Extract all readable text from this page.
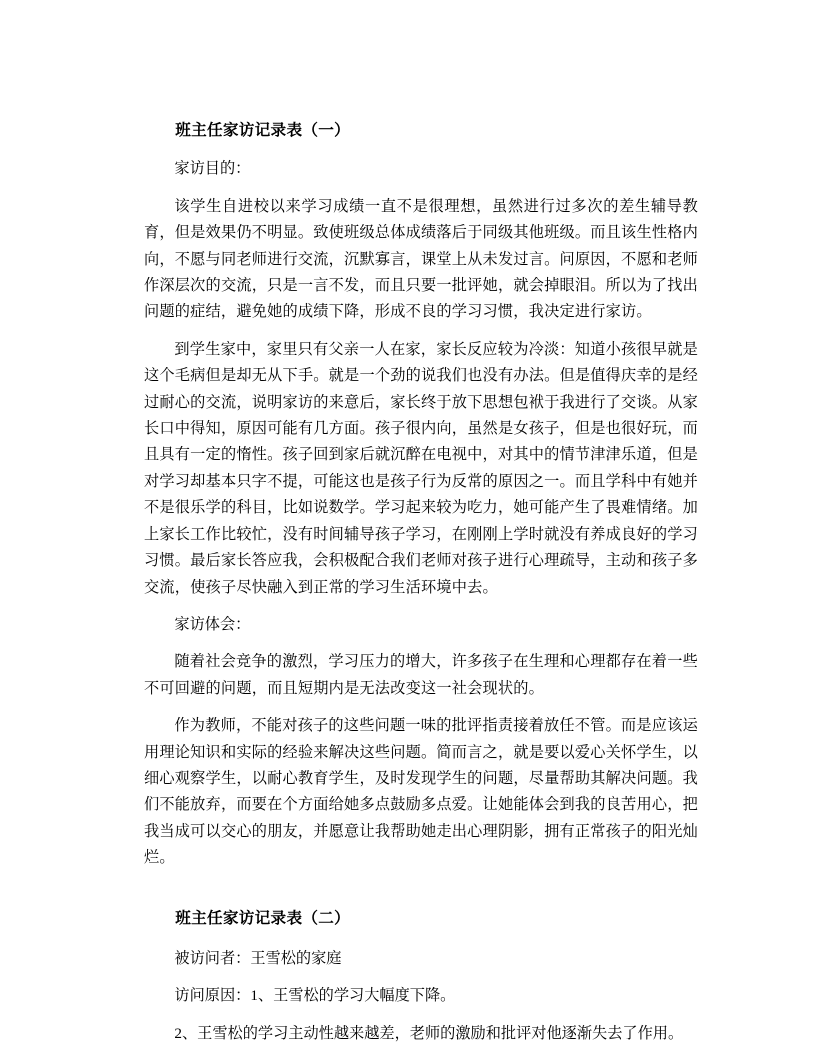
班主任家访记录表（一）

家访目的：

该学生自进校以来学习成绩一直不是很理想，虽然进行过多次的差生辅导教育，但是效果仍不明显。致使班级总体成绩落后于同级其他班级。而且该生性格内向，不愿与同老师进行交流，沉默寡言，课堂上从未发过言。问原因，不愿和老师作深层次的交流，只是一言不发，而且只要一批评她，就会掉眼泪。所以为了找出问题的症结，避免她的成绩下降，形成不良的学习习惯，我决定进行家访。

到学生家中，家里只有父亲一人在家，家长反应较为冷淡：知道小孩很早就是这个毛病但是却无从下手。就是一个劲的说我们也没有办法。但是值得庆幸的是经过耐心的交流，说明家访的来意后，家长终于放下思想包袱于我进行了交谈。从家长口中得知，原因可能有几方面。孩子很内向，虽然是女孩子，但是也很好玩，而且具有一定的惰性。孩子回到家后就沉醉在电视中，对其中的情节津津乐道，但是对学习却基本只字不提，可能这也是孩子行为反常的原因之一。而且学科中有她并不是很乐学的科目，比如说数学。学习起来较为吃力，她可能产生了畏难情绪。加上家长工作比较忙，没有时间辅导孩子学习，在刚刚上学时就没有养成良好的学习习惯。最后家长答应我，会积极配合我们老师对孩子进行心理疏导，主动和孩子多交流，使孩子尽快融入到正常的学习生活环境中去。

家访体会：

随着社会竞争的激烈，学习压力的增大，许多孩子在生理和心理都存在着一些不可回避的问题，而且短期内是无法改变这一社会现状的。

作为教师，不能对孩子的这些问题一味的批评指责接着放任不管。而是应该运用理论知识和实际的经验来解决这些问题。简而言之，就是要以爱心关怀学生，以细心观察学生，以耐心教育学生，及时发现学生的问题，尽量帮助其解决问题。我们不能放弃，而要在个方面给她多点鼓励多点爱。让她能体会到我的良苦用心，把我当成可以交心的朋友，并愿意让我帮助她走出心理阴影，拥有正常孩子的阳光灿烂。

班主任家访记录表（二）

被访问者：王雪松的家庭

访问原因：1、王雪松的学习大幅度下降。

2、王雪松的学习主动性越来越差，老师的激励和批评对他逐渐失去了作用。
